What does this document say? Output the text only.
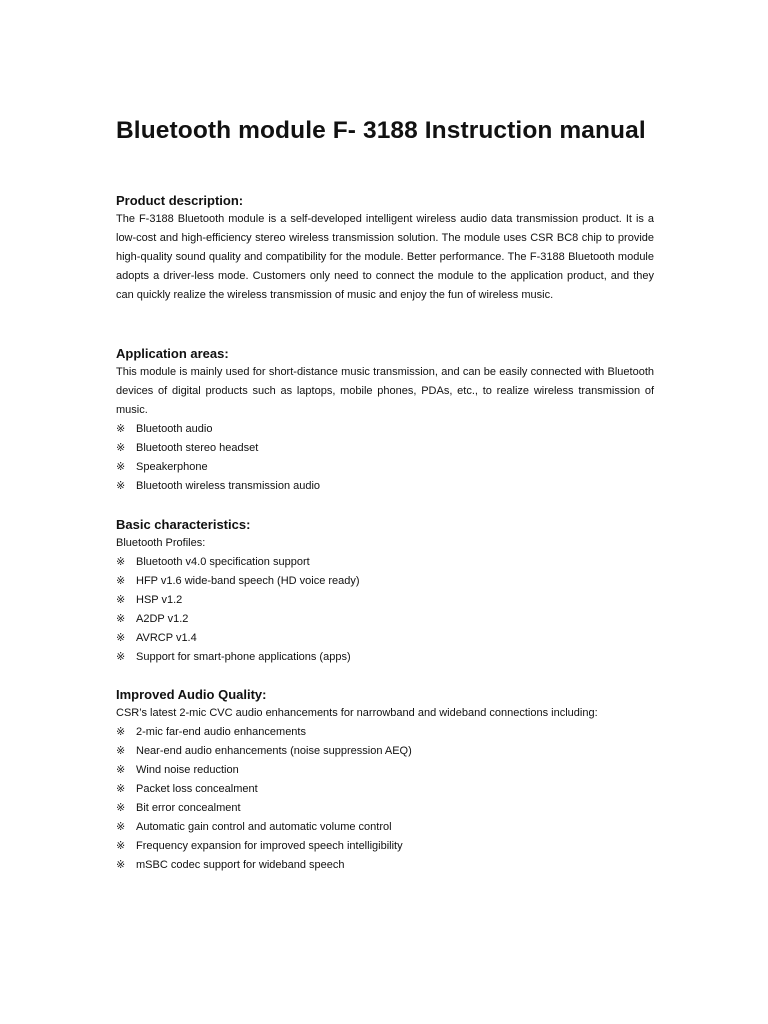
Bluetooth module F- 3188 Instruction manual
Product description:

The F-3188 Bluetooth module is a self-developed intelligent wireless audio data transmission product. It is a low-cost and high-efficiency stereo wireless transmission solution. The module uses CSR BC8 chip to provide high-quality sound quality and compatibility for the module. Better performance. The F-3188 Bluetooth module adopts a driver-less mode. Customers only need to connect the module to the application product, and they can quickly realize the wireless transmission of music and enjoy the fun of wireless music.

Application areas:

This module is mainly used for short-distance music transmission, and can be easily connected with Bluetooth devices of digital products such as laptops, mobile phones, PDAs, etc., to realize wireless transmission of music.

※ Bluetooth audio
※ Bluetooth stereo headset
※ Speakerphone
※ Bluetooth wireless transmission audio
Basic characteristics:

Bluetooth Profiles:

※ Bluetooth v4.0 specification support
※ HFP v1.6 wide-band speech (HD voice ready)
※ HSP v1.2
※ A2DP v1.2
※ AVRCP v1.4
※ Support for smart-phone applications (apps)
Improved Audio Quality:

CSR’s latest 2-mic CVC audio enhancements for narrowband and wideband connections including:

※ 2-mic far-end audio enhancements
※ Near-end audio enhancements (noise suppression AEQ)
※ Wind noise reduction
※ Packet loss concealment
※ Bit error concealment
※ Automatic gain control and automatic volume control
※ Frequency expansion for improved speech intelligibility
※ mSBC codec support for wideband speech
